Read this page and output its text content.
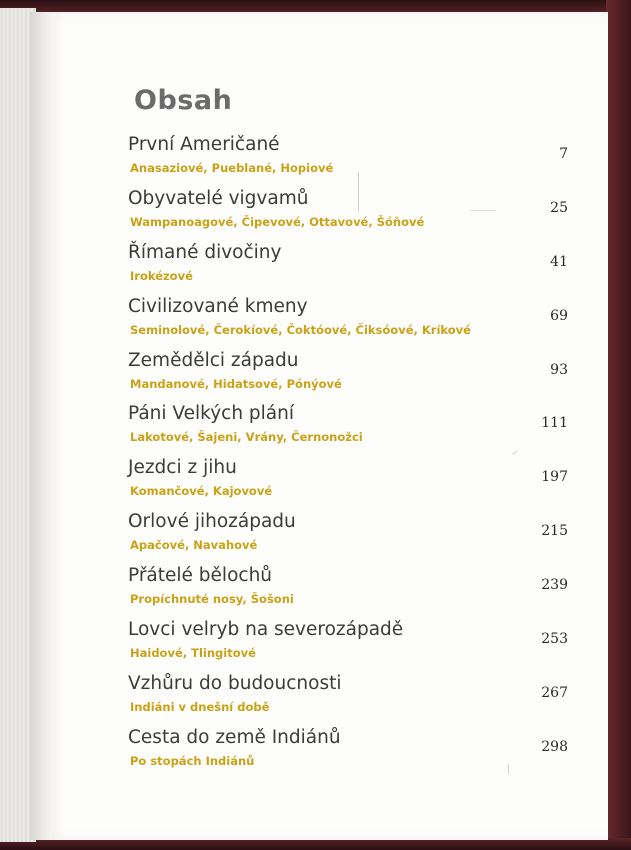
Obsah
První Američané
Anasaziové, Pueblané, Hopiové
7
Obyvatelé vigvamů
Wampanoagové, Čipevové, Ottavové, Šóňové
25
Římané divočiny
Irokézové
41
Civilizované kmeny
Seminolové, Čerokíové, Čoktóové, Čiksóové, Kríkové
69
Zemědělci západu
Mandanové, Hidatsové, Pónýové
93
Páni Velkých plání
Lakotové, Šajeni, Vrány, Černonožci
111
Jezdci z jihu
Komančové, Kajovové
197
Orlové jihozápadu
Apačové, Navahové
215
Přátelé bělochů
Propíchnuté nosy, Šošoni
239
Lovci velryb na severozápadě
Haidové, Tlingitové
253
Vzhůru do budoucnosti
Indiáni v dnešní době
267
Cesta do země Indiánů
Po stopách Indiánů
298
